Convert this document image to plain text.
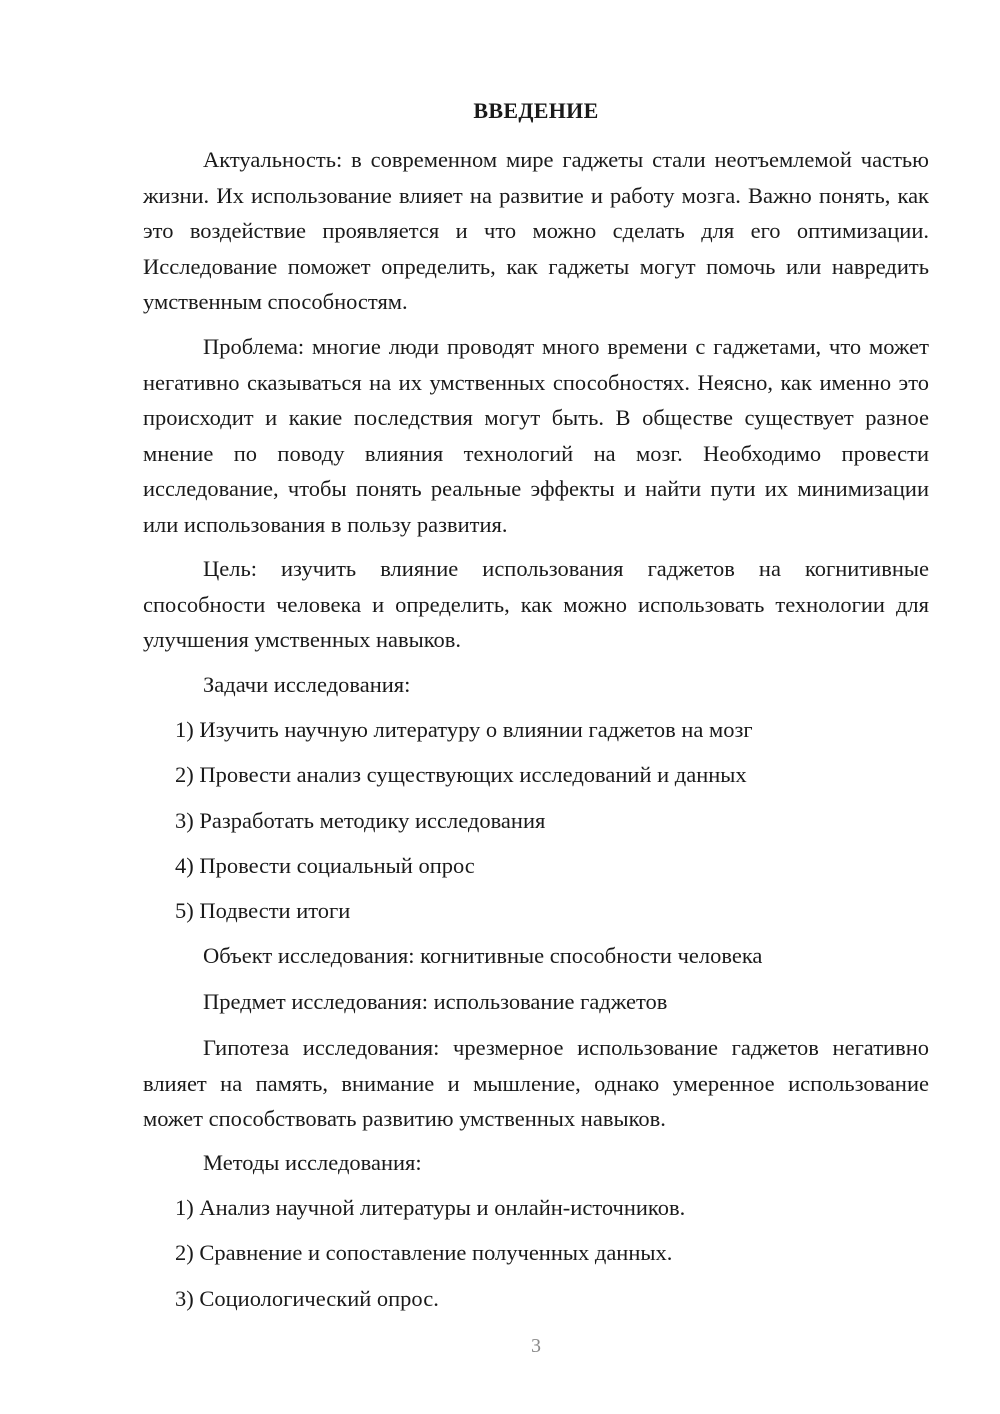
ВВЕДЕНИЕ

Актуальность: в современном мире гаджеты стали неотъемлемой частью жизни. Их использование влияет на развитие и работу мозга. Важно понять, как это воздействие проявляется и что можно сделать для его оптимизации. Исследование поможет определить, как гаджеты могут помочь или навредить умственным способностям.

Проблема: многие люди проводят много времени с гаджетами, что может негативно сказываться на их умственных способностях. Неясно, как именно это происходит и какие последствия могут быть. В обществе существует разное мнение по поводу влияния технологий на мозг. Необходимо провести исследование, чтобы понять реальные эффекты и найти пути их минимизации или использования в пользу развития.

Цель: изучить влияние использования гаджетов на когнитивные способности человека и определить, как можно использовать технологии для улучшения умственных навыков.

Задачи исследования:
1) Изучить научную литературу о влиянии гаджетов на мозг
2) Провести анализ существующих исследований и данных
3) Разработать методику исследования
4) Провести социальный опрос
5) Подвести итоги
Объект исследования: когнитивные способности человека
Предмет исследования: использование гаджетов

Гипотеза исследования: чрезмерное использование гаджетов негативно влияет на память, внимание и мышление, однако умеренное использование может способствовать развитию умственных навыков.

Методы исследования:
1) Анализ научной литературы и онлайн-источников.
2) Сравнение и сопоставление полученных данных.
3) Социологический опрос.
3
